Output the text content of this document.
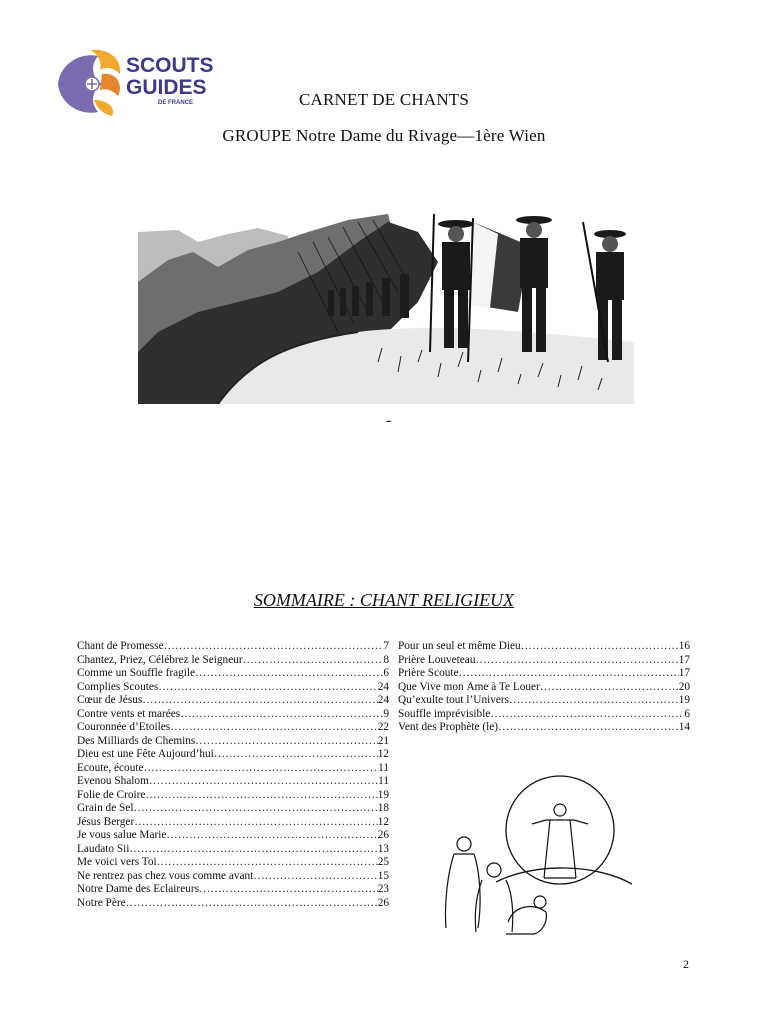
SCOUTS
GUIDES
DE FRANCE	CARNET DE CHANTS
GROUPE Notre Dame du Rivage—1ère Wien
-
SOMMAIRE : CHANT RELIGIEUX
Chant de Promesse ………………………………………………………………………………………………	7
Chantez, Priez, Célébrez le Seigneur ………………………………………………………………………………………………	8
Comme un Souffle fragile ………………………………………………………………………………………………	6
Complies Scoutes ………………………………………………………………………………………………	24
Cœur de Jésus ………………………………………………………………………………………………	24
Contre vents et marées ………………………………………………………………………………………………	9
Couronnée d’Etoiles ………………………………………………………………………………………………	22
Des Milliards de Chemins ………………………………………………………………………………………………	21
Dieu est une Fête Aujourd’hui ………………………………………………………………………………………………	12
Ecoute, écoute ………………………………………………………………………………………………	11
Evenou Shalom ………………………………………………………………………………………………	11
Folie de Croire ………………………………………………………………………………………………	19
Grain de Sel ………………………………………………………………………………………………	18
Jésus Berger ………………………………………………………………………………………………	12
Je vous salue Marie ………………………………………………………………………………………………	26
Laudato Sii ………………………………………………………………………………………………	13
Me voici vers Toi ………………………………………………………………………………………………	25
Ne rentrez pas chez vous comme avant ………………………………………………………………………………………………	15
Notre Dame des Eclaireurs ………………………………………………………………………………………………	23
Notre Père ………………………………………………………………………………………………	26
Pour un seul et même Dieu ………………………………………………………………………………………………	16
Prière Louveteau ………………………………………………………………………………………………	17
Prière Scoute ………………………………………………………………………………………………	17
Que Vive mon Âme à Te Louer ………………………………………………………………………………………………	20
Qu’exulte tout l’Univers ………………………………………………………………………………………………	19
Souffle imprévisible ………………………………………………………………………………………………	6
Vent des Prophète (le) ………………………………………………………………………………………………	14
2
